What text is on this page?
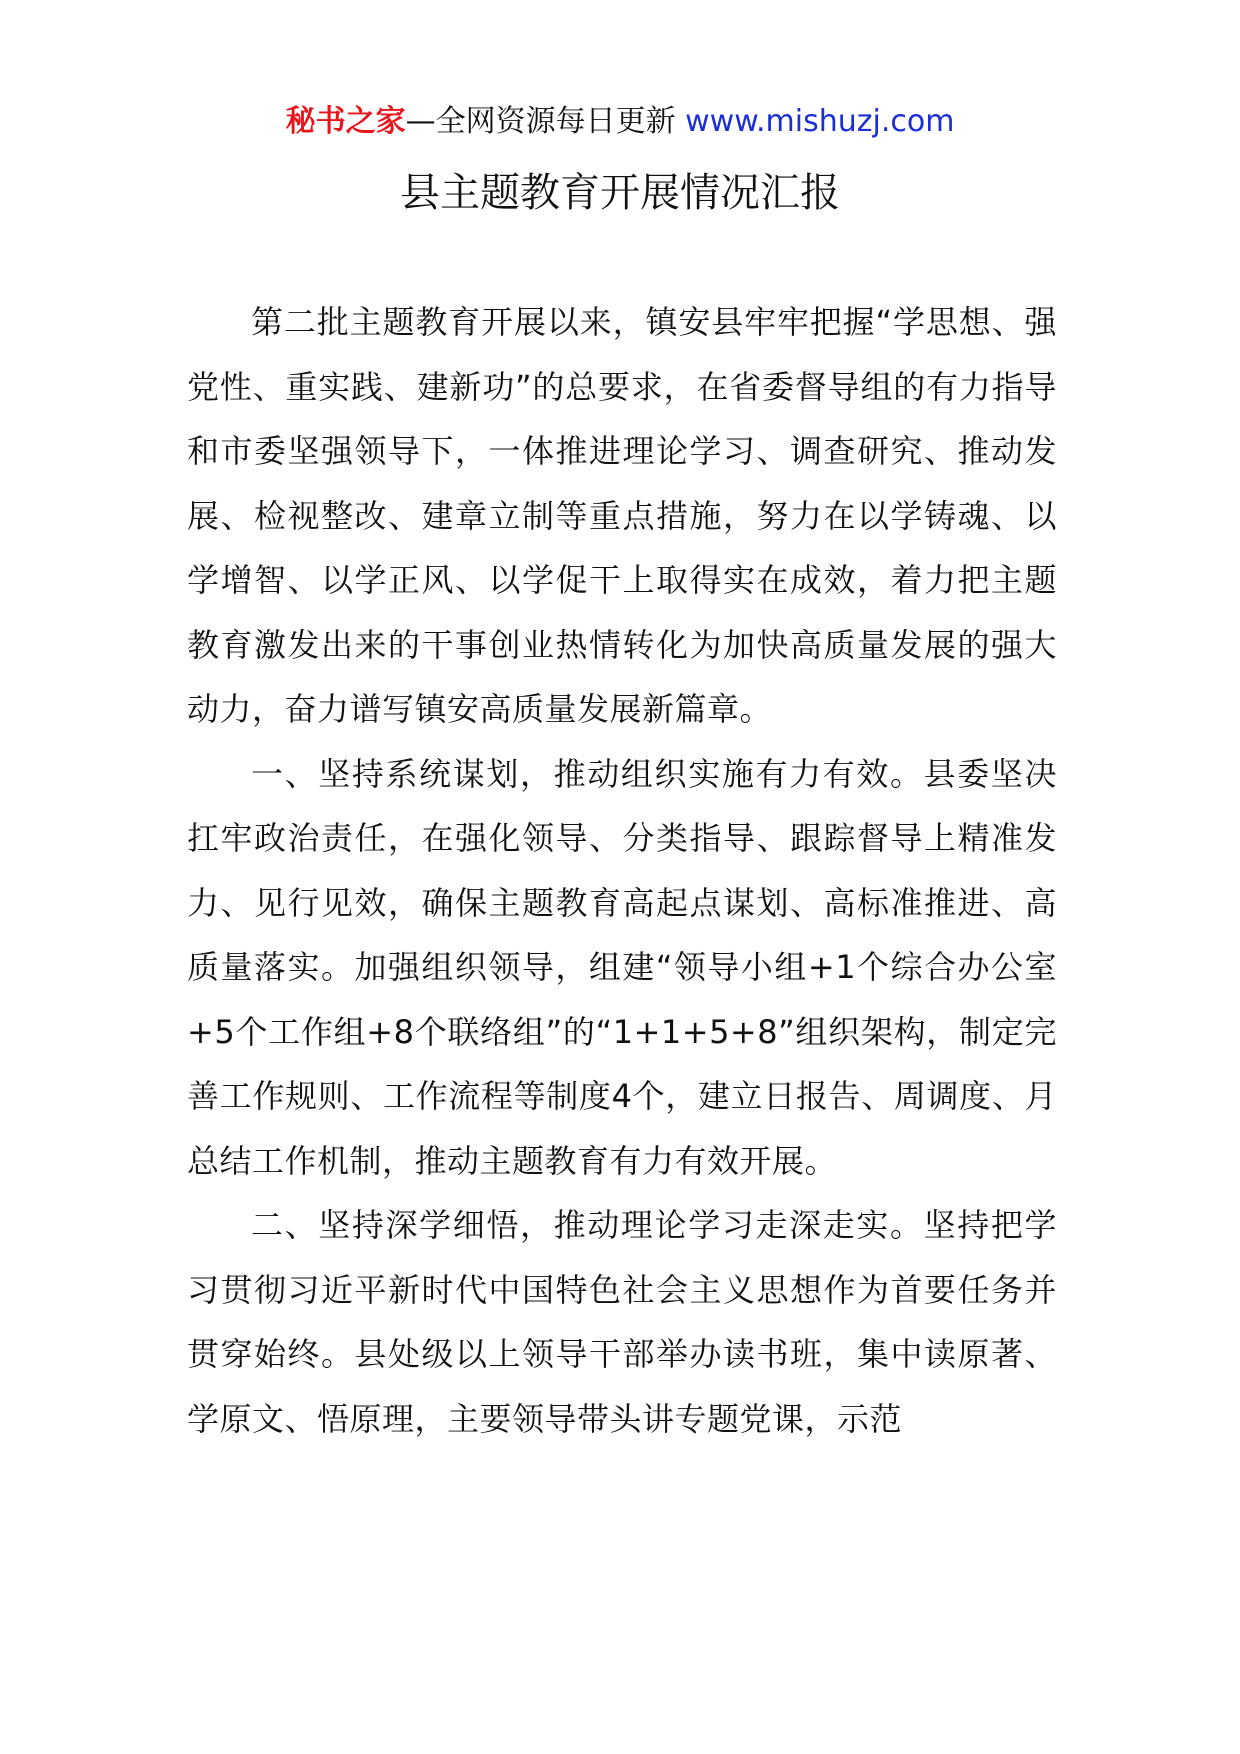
秘书之家—全网资源每日更新 www.mishuzj.com
县主题教育开展情况汇报

第二批主题教育开展以来，镇安县牢牢把握“学思想、强党性、重实践、建新功”的总要求，在省委督导组的有力指导和市委坚强领导下，一体推进理论学习、调查研究、推动发展、检视整改、建章立制等重点措施，努力在以学铸魂、以学增智、以学正风、以学促干上取得实在成效，着力把主题教育激发出来的干事创业热情转化为加快高质量发展的强大动力，奋力谱写镇安高质量发展新篇章。

一、坚持系统谋划，推动组织实施有力有效。县委坚决扛牢政治责任，在强化领导、分类指导、跟踪督导上精准发力、见行见效，确保主题教育高起点谋划、高标准推进、高质量落实。加强组织领导，组建“领导小组+1个综合办公室+5个工作组+8个联络组”的“1+1+5+8”组织架构，制定完善工作规则、工作流程等制度4个，建立日报告、周调度、月总结工作机制，推动主题教育有力有效开展。

二、坚持深学细悟，推动理论学习走深走实。坚持把学习贯彻习近平新时代中国特色社会主义思想作为首要任务并贯穿始终。县处级以上领导干部举办读书班，集中读原著、学原文、悟原理，主要领导带头讲专题党课，示范
